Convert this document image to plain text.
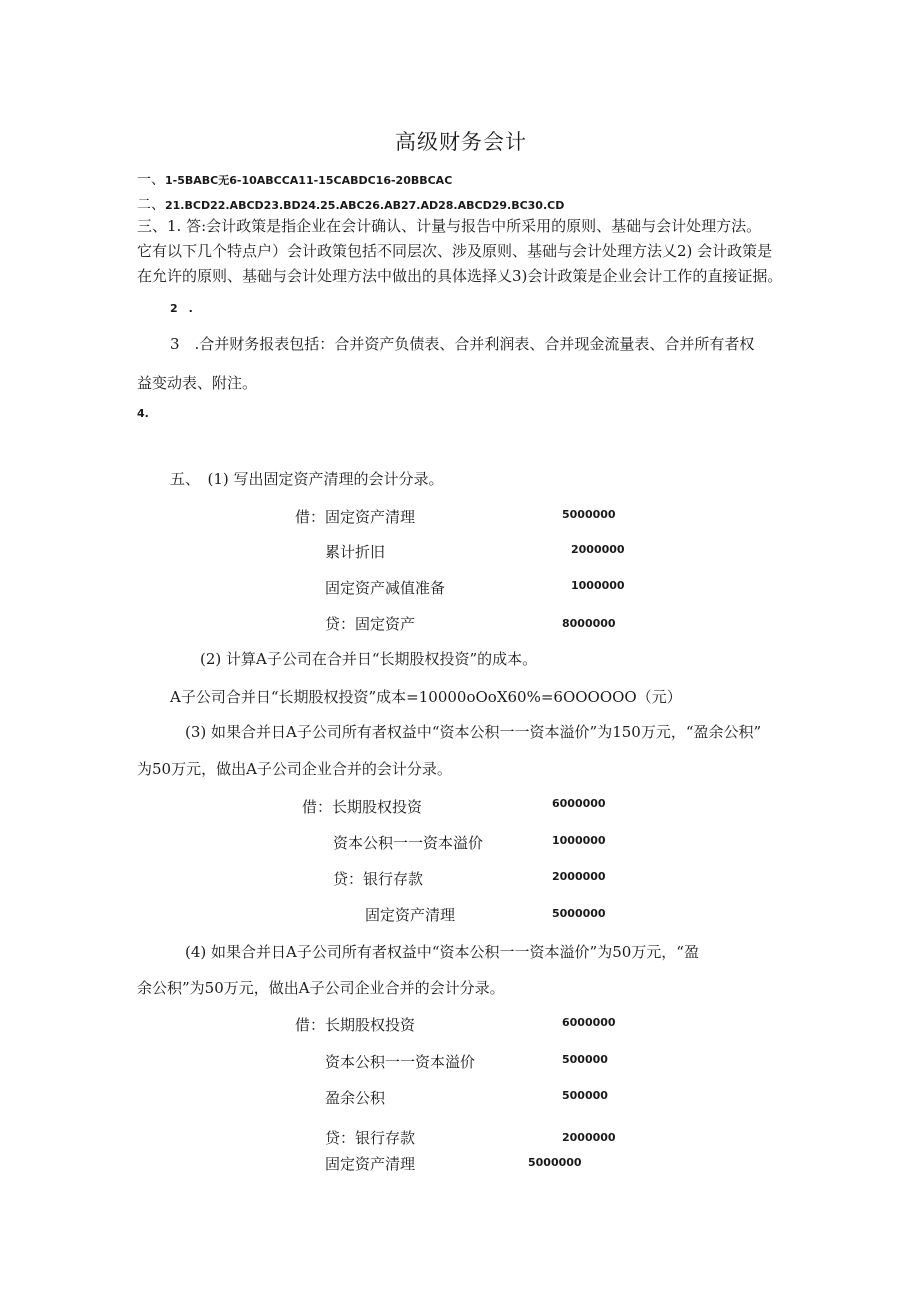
高级财务会计
一、1-5BABC无6-10ABCCA11-15CABDC16-20BBCAC
二、21.BCD22.ABCD23.BD24.25.ABC26.AB27.AD28.ABCD29.BC30.CD
三、1. 答:会计政策是指企业在会计确认、计量与报告中所采用的原则、基础与会计处理方法。
它有以下几个特点户）会计政策包括不同层次、涉及原则、基础与会计处理方法乂2) 会计政策是
在允许的原则、基础与会计处理方法中做出的具体选择乂3)会计政策是企业会计工作的直接证据。
2　.
3　.合并财务报表包括：合并资产负债表、合并利润表、合并现金流量表、合并所有者权
益变动表、附注。
4.
五、　(1) 写出固定资产清理的会计分录。
借：固定资产清理	5000000
累计折旧	2000000
固定资产减值准备	1000000
贷：固定资产	8000000
(2) 计算A子公司在合并日“长期股权投资”的成本。
A子公司合并日“长期股权投资”成本=10000oOoX60%=6OOOOOO（元）
(3) 如果合并日A子公司所有者权益中“资本公积一一资本溢价”为150万元，“盈余公积”
为50万元，做出A子公司企业合并的会计分录。
借：长期股权投资	6000000
资本公积一一资本溢价	1000000
贷：银行存款	2000000
固定资产清理	5000000
(4) 如果合并日A子公司所有者权益中“资本公积一一资本溢价”为50万元，“盈
余公积”为50万元，做出A子公司企业合并的会计分录。
借：长期股权投资	6000000
资本公积一一资本溢价	500000
盈余公积	500000
贷：银行存款	2000000
固定资产清理	5000000
